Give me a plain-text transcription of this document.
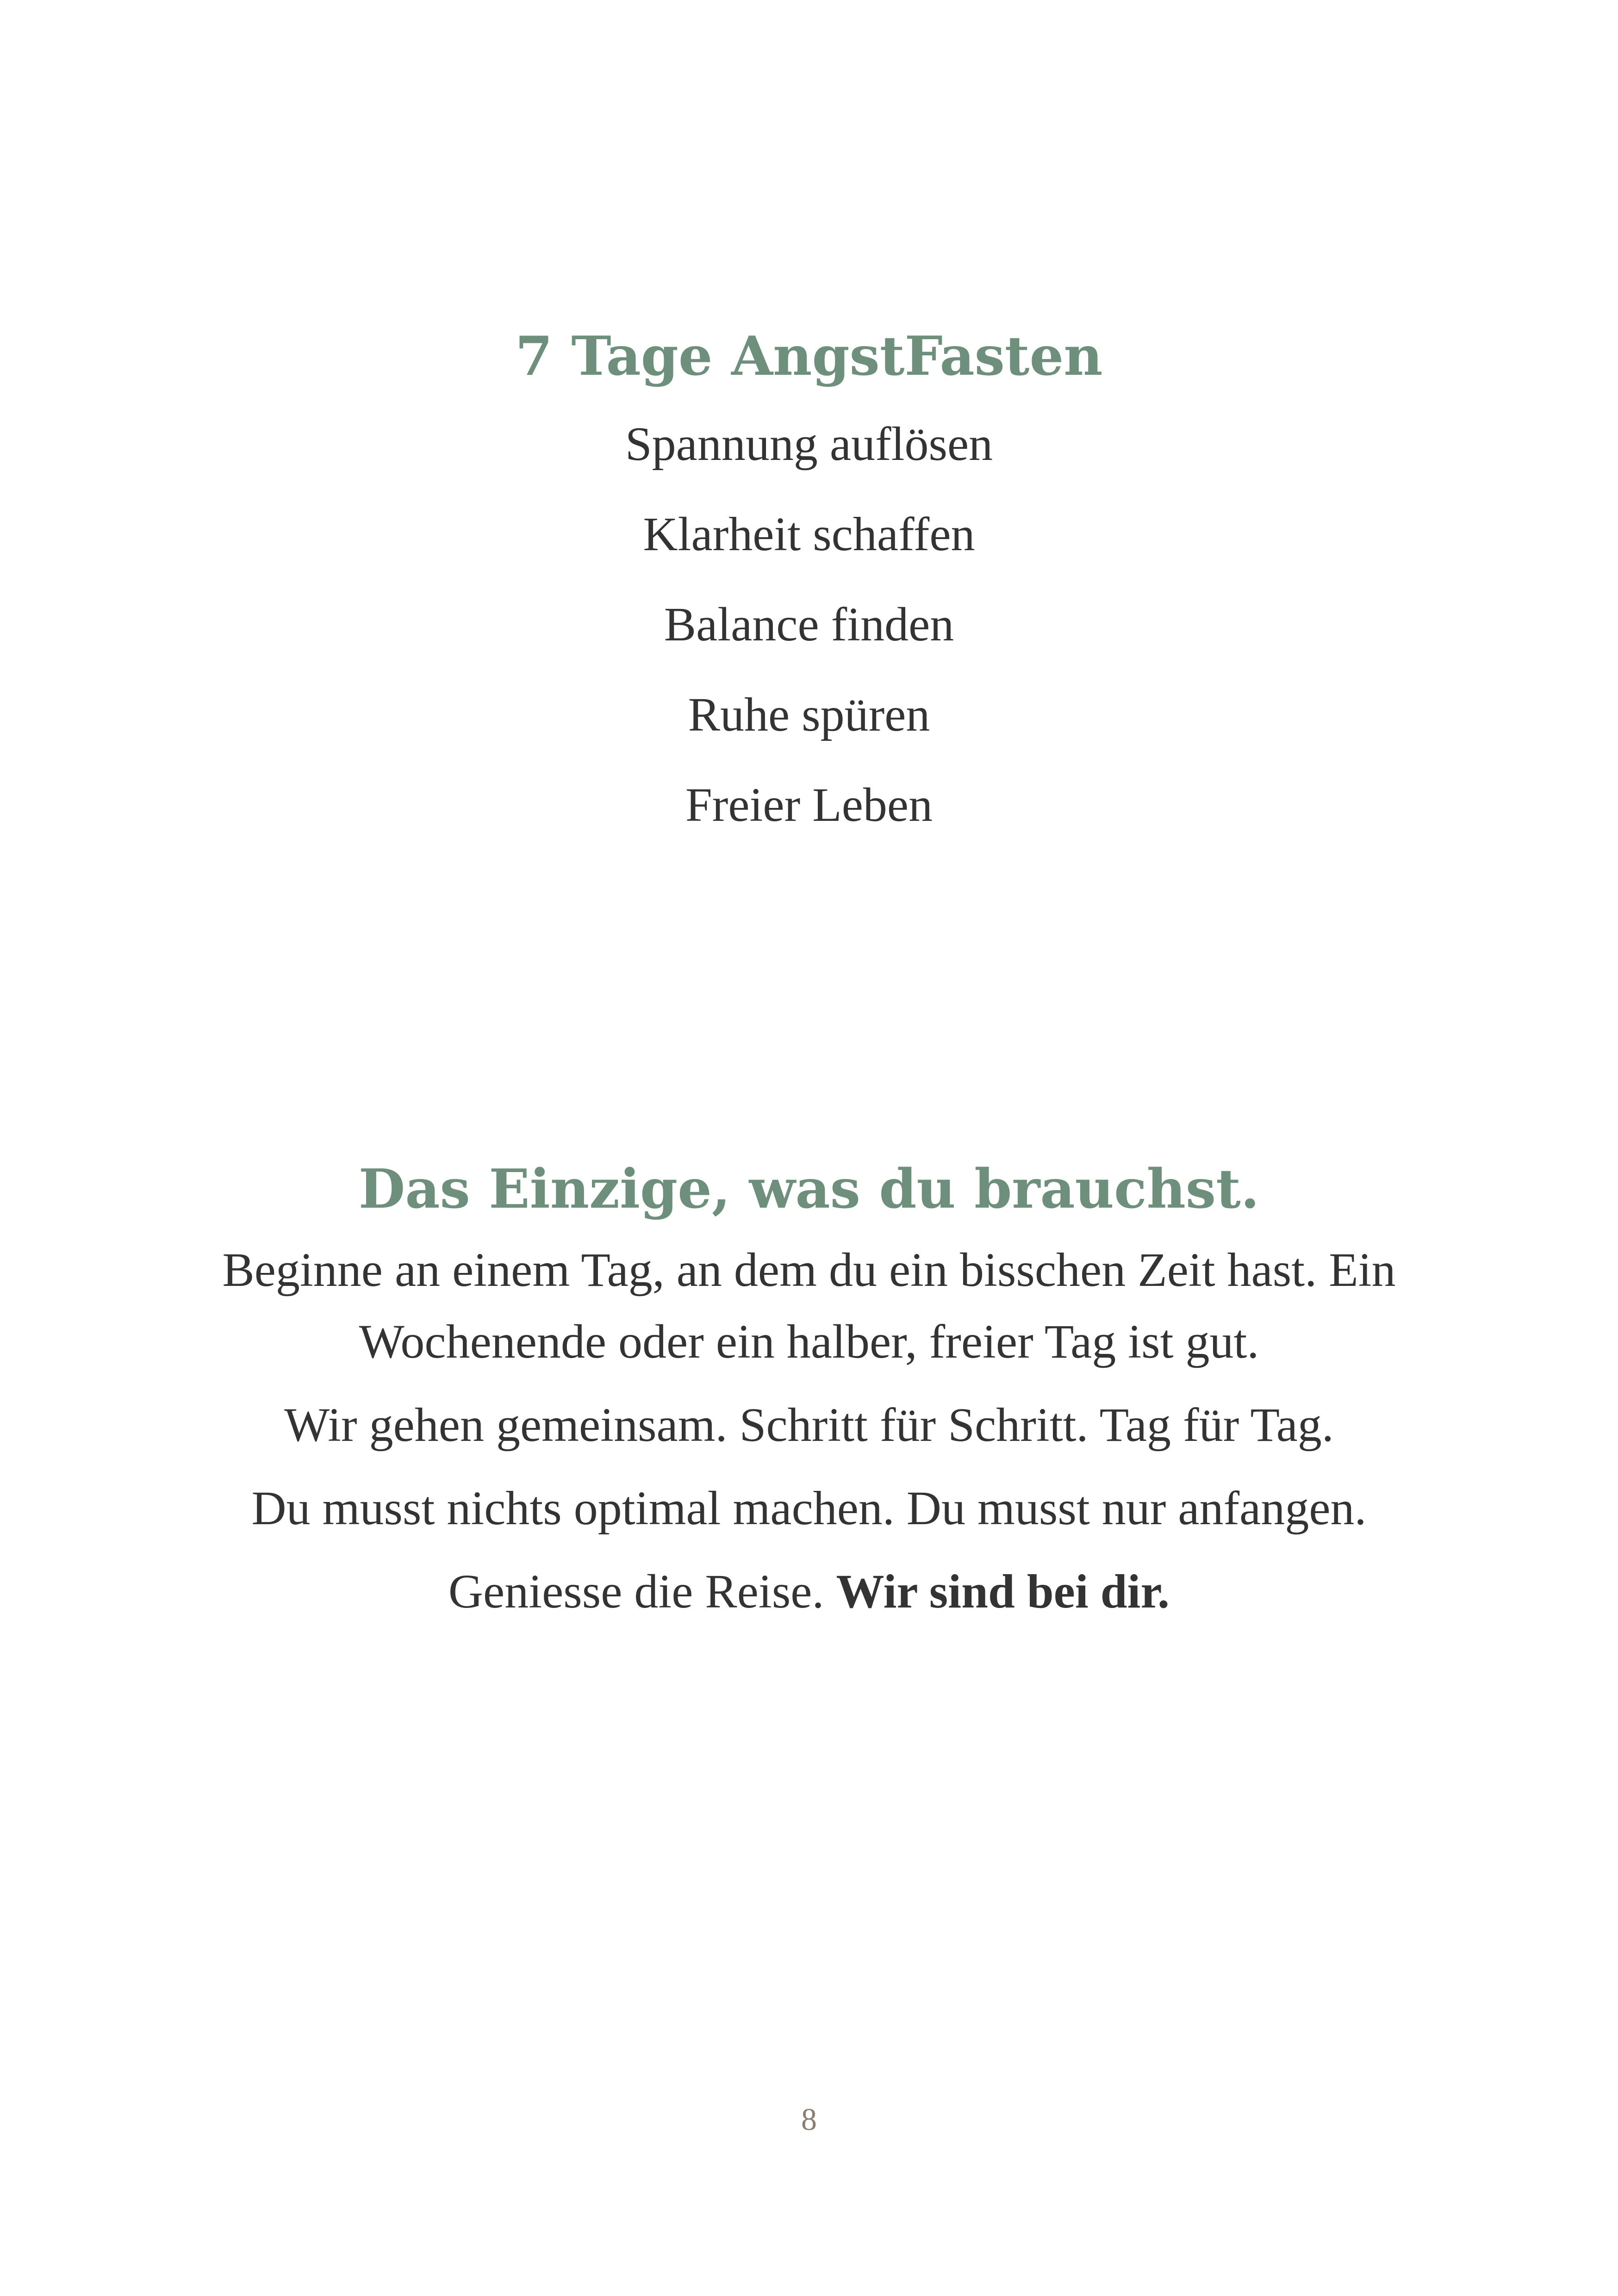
7 Tage AngstFasten
Spannung auflösen
Klarheit schaffen
Balance finden
Ruhe spüren
Freier Leben
Das Einzige, was du brauchst.
Beginne an einem Tag, an dem du ein bisschen Zeit hast. Ein
Wochenende oder ein halber, freier Tag ist gut.
Wir gehen gemeinsam. Schritt für Schritt. Tag für Tag.
Du musst nichts optimal machen. Du musst nur anfangen.
Geniesse die Reise. Wir sind bei dir.
8
